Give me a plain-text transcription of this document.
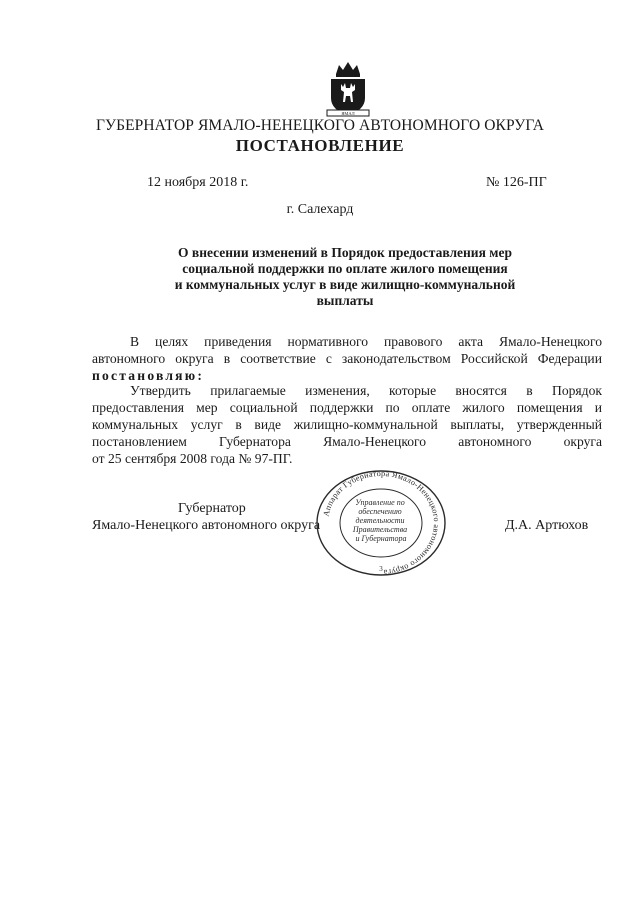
ЯМАЛ
ГУБЕРНАТОР ЯМАЛО-НЕНЕЦКОГО АВТОНОМНОГО ОКРУГА
ПОСТАНОВЛЕНИЕ
12 ноября 2018 г.	№ 126-ПГ
г. Салехард
О внесении изменений в Порядок предоставления мер
социальной поддержки по оплате жилого помещения
и коммунальных услуг в виде жилищно-коммунальной
выплаты
В целях приведения нормативного правового акта Ямало-Ненецкого
автономного округа в соответствие с законодательством Российской Федерации
постановляю:
Утвердить прилагаемые изменения, которые вносятся в Порядок
предоставления мер социальной поддержки по оплате жилого помещения и
коммунальных услуг в виде жилищно-коммунальной выплаты, утвержденный
постановлением Губернатора Ямало-Ненецкого автономного округа
от 25 сентября 2008 года № 97-ПГ.
Губернатор
Ямало-Ненецкого автономного округа	Д.А. Артюхов
Аппарат Губернатора Ямало-Ненецкого автономного округа
Управление по обеспечению деятельности Правительства и Губернатора
3
